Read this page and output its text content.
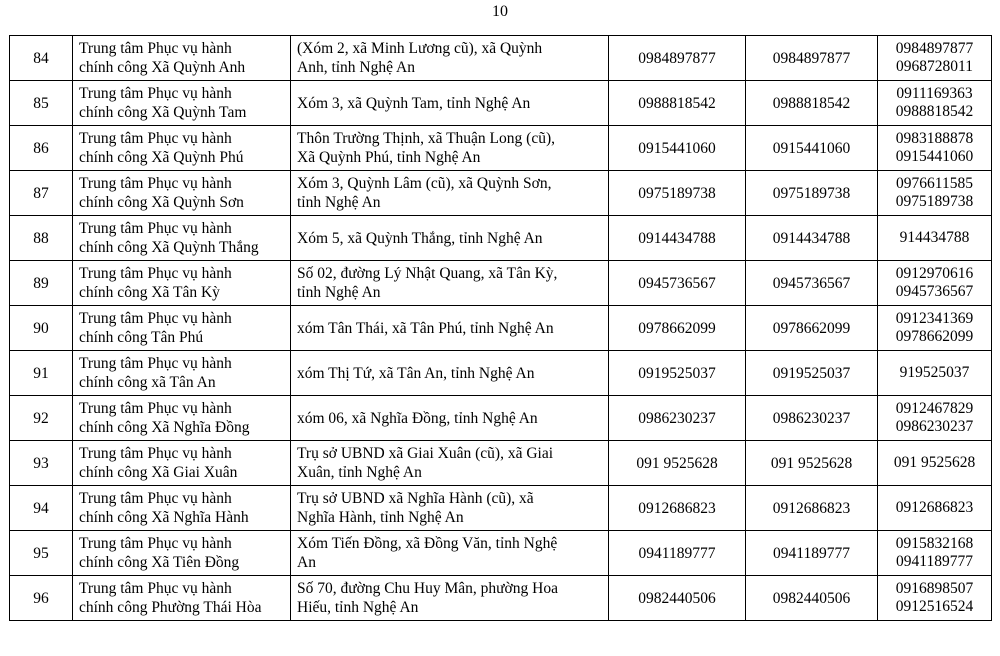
10
84	Trung tâm Phục vụ hành
chính công Xã Quỳnh Anh	(Xóm 2, xã Minh Lương cũ), xã Quỳnh
Anh, tỉnh Nghệ An	0984897877	0984897877	0984897877
0968728011

85	Trung tâm Phục vụ hành
chính công Xã Quỳnh Tam	Xóm 3, xã Quỳnh Tam, tỉnh Nghệ An	0988818542	0988818542	0911169363
0988818542

86	Trung tâm Phục vụ hành
chính công Xã Quỳnh Phú	Thôn Trường Thịnh, xã Thuận Long (cũ),
Xã Quỳnh Phú, tỉnh Nghệ An	0915441060	0915441060	0983188878
0915441060

87	Trung tâm Phục vụ hành
chính công Xã Quỳnh Sơn	Xóm 3, Quỳnh Lâm (cũ), xã Quỳnh Sơn,
tỉnh Nghệ An	0975189738	0975189738	0976611585
0975189738

88	Trung tâm Phục vụ hành
chính công Xã Quỳnh Thắng	Xóm 5, xã Quỳnh Thắng, tỉnh Nghệ An	0914434788	0914434788	914434788

89	Trung tâm Phục vụ hành
chính công Xã Tân Kỳ	Số 02, đường Lý Nhật Quang, xã Tân Kỳ,
tỉnh Nghệ An	0945736567	0945736567	0912970616
0945736567

90	Trung tâm Phục vụ hành
chính công Tân Phú	xóm Tân Thái, xã Tân Phú, tỉnh Nghệ An	0978662099	0978662099	0912341369
0978662099

91	Trung tâm Phục vụ hành
chính công xã Tân An	xóm Thị Tứ, xã Tân An, tỉnh Nghệ An	0919525037	0919525037	919525037

92	Trung tâm Phục vụ hành
chính công Xã Nghĩa Đồng	xóm 06, xã Nghĩa Đồng, tỉnh Nghệ An	0986230237	0986230237	0912467829
0986230237

93	Trung tâm Phục vụ hành
chính công Xã Giai Xuân	Trụ sở UBND xã Giai Xuân (cũ), xã Giai
Xuân, tỉnh Nghệ An	091 9525628	091 9525628	091 9525628

94	Trung tâm Phục vụ hành
chính công Xã Nghĩa Hành	Trụ sở UBND xã Nghĩa Hành (cũ), xã
Nghĩa Hành, tỉnh Nghệ An	0912686823	0912686823	0912686823

95	Trung tâm Phục vụ hành
chính công Xã Tiên Đồng	Xóm Tiến Đồng, xã Đồng Văn, tỉnh Nghệ
An	0941189777	0941189777	0915832168
0941189777

96	Trung tâm Phục vụ hành
chính công Phường Thái Hòa	Số 70, đường Chu Huy Mân, phường Hoa
Hiếu, tỉnh Nghệ An	0982440506	0982440506	0916898507
0912516524
